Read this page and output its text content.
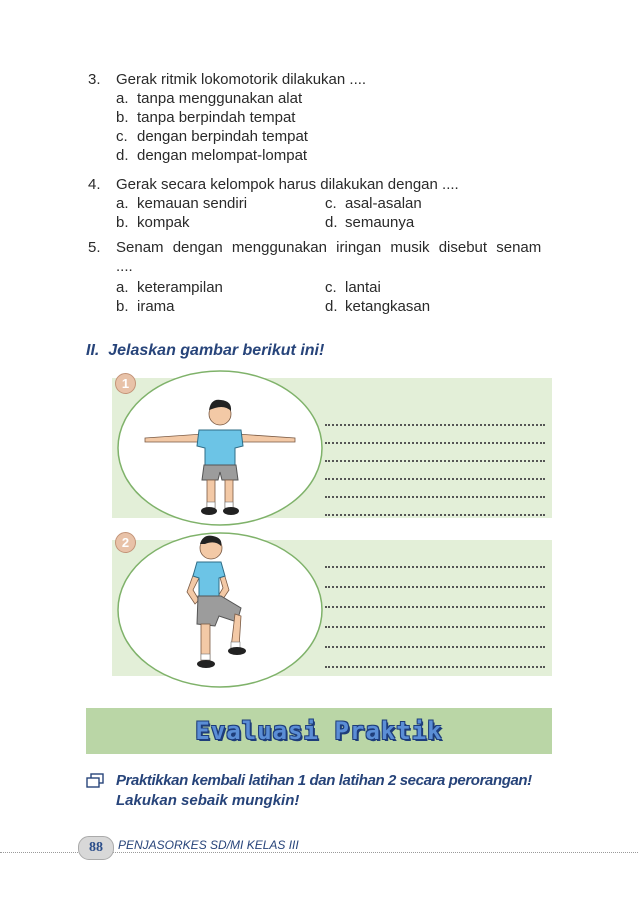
3. Gerak ritmik lokomotorik dilakukan ....
a. tanpa menggunakan alat
b. tanpa berpindah tempat
c. dengan berpindah tempat
d. dengan melompat-lompat
4. Gerak secara kelompok harus dilakukan dengan ....
a. kemauan sendiri	c. asal-asalan
b. kompak	d. semaunya
5. Senam dengan menggunakan iringan musik disebut senam
....
a. keterampilan	c. lantai
b. irama	d. ketangkasan
II.  Jelaskan gambar berikut ini!
1
2
Evaluasi Praktik
Praktikkan kembali latihan 1 dan latihan 2 secara perorangan!
Lakukan sebaik mungkin!
88	PENJASORKES SD/MI KELAS III
